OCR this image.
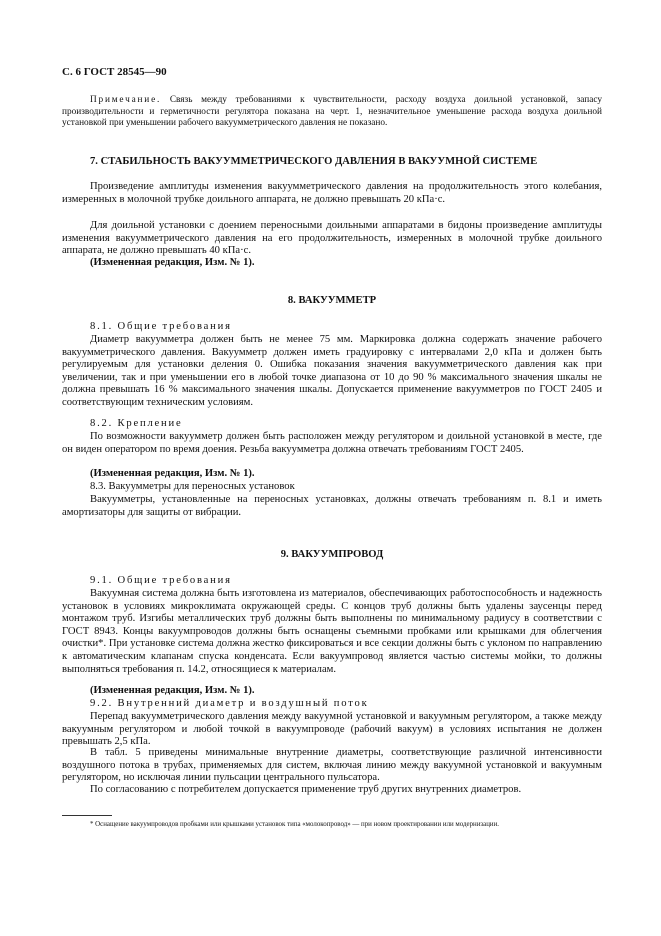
С. 6 ГОСТ 28545—90

Примечание. Связь между требованиями к чувствительности, расходу воздуха доильной установкой, запасу производительности и герметичности регулятора показана на черт. 1, незначительное уменьшение расхода воздуха доильной установкой при уменьшении рабочего вакуумметрического давления не показано.

7. СТАБИЛЬНОСТЬ ВАКУУММЕТРИЧЕСКОГО ДАВЛЕНИЯ В ВАКУУМНОЙ СИСТЕМЕ

Произведение амплитуды изменения вакуумметрического давления на продолжительность этого колебания, измеренных в молочной трубке доильного аппарата, не должно превышать 20 кПа·с.

Для доильной установки с доением переносными доильными аппаратами в бидоны произведение амплитуды изменения вакуумметрического давления на его продолжительность, измеренных в молочной трубке доильного аппарата, не должно превышать 40 кПа·с.

(Измененная редакция, Изм. № 1).

8. ВАКУУММЕТР

8.1. Общие требования

Диаметр вакуумметра должен быть не менее 75 мм. Маркировка должна содержать значение рабочего вакуумметрического давления. Вакуумметр должен иметь градуировку с интервалами 2,0 кПа и должен быть регулируемым для установки деления 0. Ошибка показания значения вакуумметрического давления как при увеличении, так и при уменьшении его в любой точке диапазона от 10 до 90 % максимального значения шкалы не должна превышать 16 % максимального значения шкалы. Допускается применение вакуумметров по ГОСТ 2405 и соответствующим техническим условиям.

8.2. Крепление

По возможности вакуумметр должен быть расположен между регулятором и доильной установкой в месте, где он виден оператором по время доения. Резьба вакуумметра должна отвечать требованиям ГОСТ 2405.

(Измененная редакция, Изм. № 1).

8.3. Вакуумметры для переносных установок

Вакуумметры, установленные на переносных установках, должны отвечать требованиям п. 8.1 и иметь амортизаторы для защиты от вибрации.

9. ВАКУУМПРОВОД

9.1. Общие требования

Вакуумная система должна быть изготовлена из материалов, обеспечивающих работоспособность и надежность установок в условиях микроклимата окружающей среды. С концов труб должны быть удалены заусенцы перед монтажом труб. Изгибы металлических труб должны быть выполнены по минимальному радиусу в соответствии с ГОСТ 8943. Концы вакуумпроводов должны быть оснащены съемными пробками или крышками для облегчения очистки*. При установке система должна жестко фиксироваться и все секции должны быть с уклоном по направлению к автоматическим клапанам спуска конденсата. Если вакуумпровод является частью системы мойки, то должны выполняться требования п. 14.2, относящиеся к материалам.

(Измененная редакция, Изм. № 1).

9.2. Внутренний диаметр и воздушный поток

Перепад вакуумметрического давления между вакуумной установкой и вакуумным регулятором, а также между вакуумным регулятором и любой точкой в вакуумпроводе (рабочий вакуум) в условиях испытания не должен превышать 2,5 кПа.

В табл. 5 приведены минимальные внутренние диаметры, соответствующие различной интенсивности воздушного потока в трубах, применяемых для систем, включая линию между вакуумной установкой и вакуумным регулятором, но исключая линии пульсации центрального пульсатора.

По согласованию с потребителем допускается применение труб других внутренних диаметров.

* Оснащение вакуумпроводов пробками или крышками установок типа «молокопровод» — при новом проектировании или модернизации.
